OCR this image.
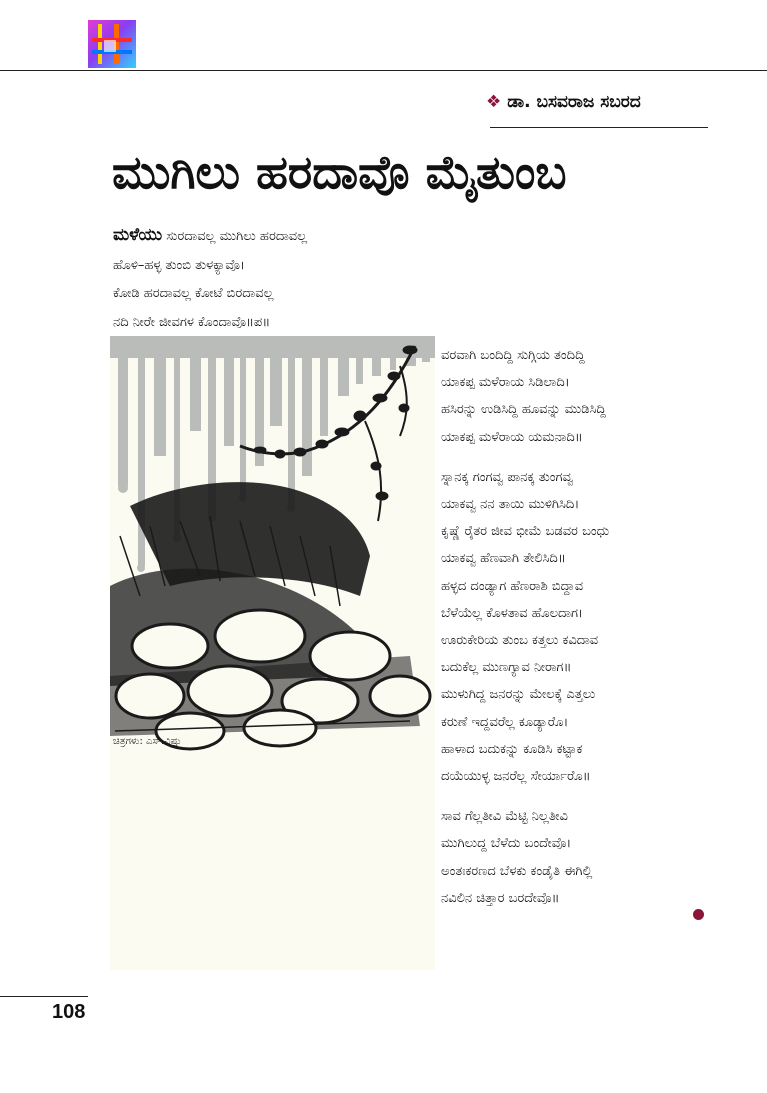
❖ ಡಾ. ಬಸವರಾಜ ಸಬರದ
ಮುಗಿಲು ಹರದಾವೊ ಮೈತುಂಬ
ಮಳೆಯು ಸುರದಾವಲ್ಲ ಮುಗಿಲು ಹರದಾವಲ್ಲ
ಹೊಳಿ–ಹಳ್ಳ ತುಂಬಿ ತುಳಕ್ಯಾವೊ।
ಕೋಡಿ ಹರದಾವಲ್ಲ ಕೋಟೆ ಬಿರದಾವಲ್ಲ
ನದಿ ನೀರೇ ಜೀವಗಳ ಕೊಂದಾವೊ॥ಪ॥
ಚಿತ್ರಗಳು: ಎಸ್.ವಿಷ್ಣು
ವರವಾಗಿ ಬಂದಿದ್ದಿ ಸುಗ್ಗಿಯ ತಂದಿದ್ದಿ
ಯಾಕಪ್ಪ ಮಳೆರಾಯ ಸಿಡಿಲಾದಿ।
ಹಸಿರನ್ನು ಉಡಿಸಿದ್ದಿ ಹೂವನ್ನು ಮುಡಿಸಿದ್ದಿ
ಯಾಕಪ್ಪ ಮಳೆರಾಯ ಯಮನಾದಿ॥
ಸ್ನಾನಕ್ಕ ಗಂಗವ್ವ ಪಾನಕ್ಕ ತುಂಗವ್ವ
ಯಾಕವ್ವ ನನ ತಾಯಿ ಮುಳಿಗಿಸಿದಿ।
ಕೃಷ್ಣೆ ರೈತರ ಜೀವ ಭೀಮೆ ಬಡವರ ಬಂಧು
ಯಾಕವ್ವ ಹೆಣವಾಗಿ ತೇಲಿಸಿದಿ॥
ಹಳ್ಳದ ದಂಡ್ಯಾಗ ಹೆಣರಾಶಿ ಬಿದ್ದಾವ
ಬೆಳೆಯೆಲ್ಲ ಕೊಳತಾವ ಹೊಲದಾಗ।
ಊರುಕೇರಿಯ ತುಂಬ ಕತ್ತಲು ಕವಿದಾವ
ಬದುಕೆಲ್ಲ ಮುಣಗ್ಯಾವ ನೀರಾಗ॥
ಮುಳುಗಿದ್ದ ಜನರನ್ನು ಮೇಲಕ್ಕೆ ಎತ್ತಲು
ಕರುಣೆ ಇದ್ದವರೆಲ್ಲ ಕೂಡ್ಯಾರೊ।
ಹಾಳಾದ ಬದುಕನ್ನು ಕೂಡಿಸಿ ಕಟ್ಟಾಕ
ದಯೆಯುಳ್ಳ ಜನರೆಲ್ಲ ಸೇರ್ಯಾರೊ॥
ಸಾವ ಗೆಲ್ಲತೀವಿ ಮೆಟ್ಟಿ ನಿಲ್ಲತೀವಿ
ಮುಗಿಲುದ್ದ ಬೆಳೆದು ಬಂದೇವೊ।
ಅಂತಃಕರಣದ ಬೆಳಕು ಕಂಡೈತಿ ಈಗಿಲ್ಲಿ
ನವಿಲಿನ ಚಿತ್ತಾರ ಬರದೇವೊ॥
108
